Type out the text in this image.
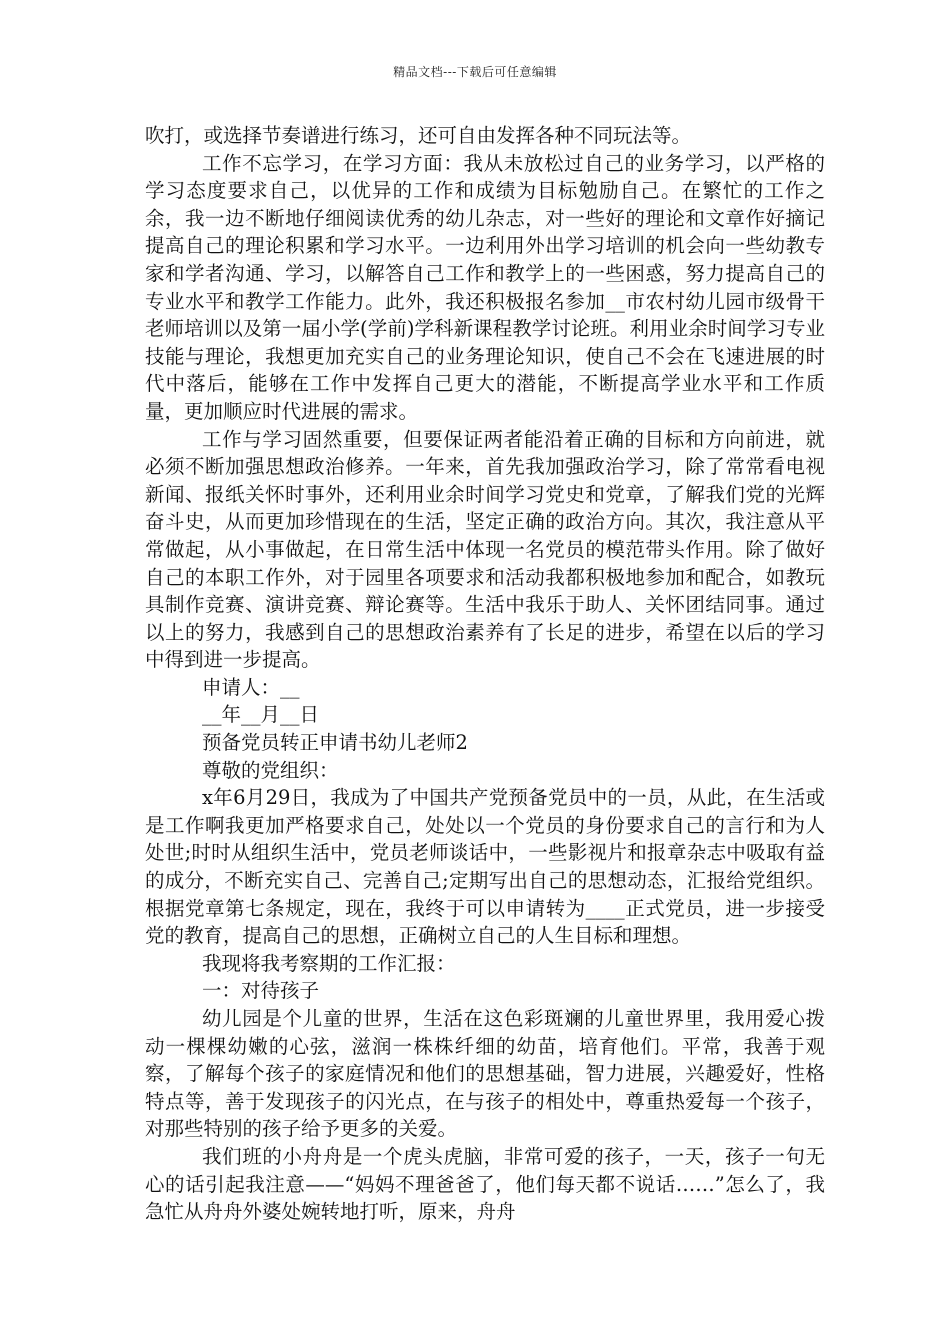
精品文档---下载后可任意编辑

吹打，或选择节奏谱进行练习，还可自由发挥各种不同玩法等。

工作不忘学习，在学习方面：我从未放松过自己的业务学习，以严格的学习态度要求自己，以优异的工作和成绩为目标勉励自己。在繁忙的工作之余，我一边不断地仔细阅读优秀的幼儿杂志，对一些好的理论和文章作好摘记提高自己的理论积累和学习水平。一边利用外出学习培训的机会向一些幼教专家和学者沟通、学习，以解答自己工作和教学上的一些困惑，努力提高自己的专业水平和教学工作能力。此外，我还积极报名参加__市农村幼儿园市级骨干老师培训以及第一届小学(学前)学科新课程教学讨论班。利用业余时间学习专业技能与理论，我想更加充实自己的业务理论知识，使自己不会在飞速进展的时代中落后，能够在工作中发挥自己更大的潜能，不断提高学业水平和工作质量，更加顺应时代进展的需求。

工作与学习固然重要，但要保证两者能沿着正确的目标和方向前进，就必须不断加强思想政治修养。一年来，首先我加强政治学习，除了常常看电视新闻、报纸关怀时事外，还利用业余时间学习党史和党章，了解我们党的光辉奋斗史，从而更加珍惜现在的生活，坚定正确的政治方向。其次，我注意从平常做起，从小事做起，在日常生活中体现一名党员的模范带头作用。除了做好自己的本职工作外，对于园里各项要求和活动我都积极地参加和配合，如教玩具制作竞赛、演讲竞赛、辩论赛等。生活中我乐于助人、关怀团结同事。通过以上的努力，我感到自己的思想政治素养有了长足的进步，希望在以后的学习中得到进一步提高。

申请人：__

__年__月__日

预备党员转正申请书幼儿老师2

尊敬的党组织：

x年6月29日，我成为了中国共产党预备党员中的一员，从此，在生活或是工作啊我更加严格要求自己，处处以一个党员的身份要求自己的言行和为人处世;时时从组织生活中，党员老师谈话中，一些影视片和报章杂志中吸取有益的成分，不断充实自己、完善自己;定期写出自己的思想动态，汇报给党组织。根据党章第七条规定，现在，我终于可以申请转为____正式党员，进一步接受党的教育，提高自己的思想，正确树立自己的人生目标和理想。

我现将我考察期的工作汇报：

一：对待孩子

幼儿园是个儿童的世界，生活在这色彩斑斓的儿童世界里，我用爱心拨动一棵棵幼嫩的心弦，滋润一株株纤细的幼苗，培育他们。平常，我善于观察，了解每个孩子的家庭情况和他们的思想基础，智力进展，兴趣爱好，性格特点等，善于发现孩子的闪光点，在与孩子的相处中，尊重热爱每一个孩子，对那些特别的孩子给予更多的关爱。

我们班的小舟舟是一个虎头虎脑，非常可爱的孩子，一天，孩子一句无心的话引起我注意——“妈妈不理爸爸了，他们每天都不说话……”怎么了，我急忙从舟舟外婆处婉转地打听，原来，舟舟
